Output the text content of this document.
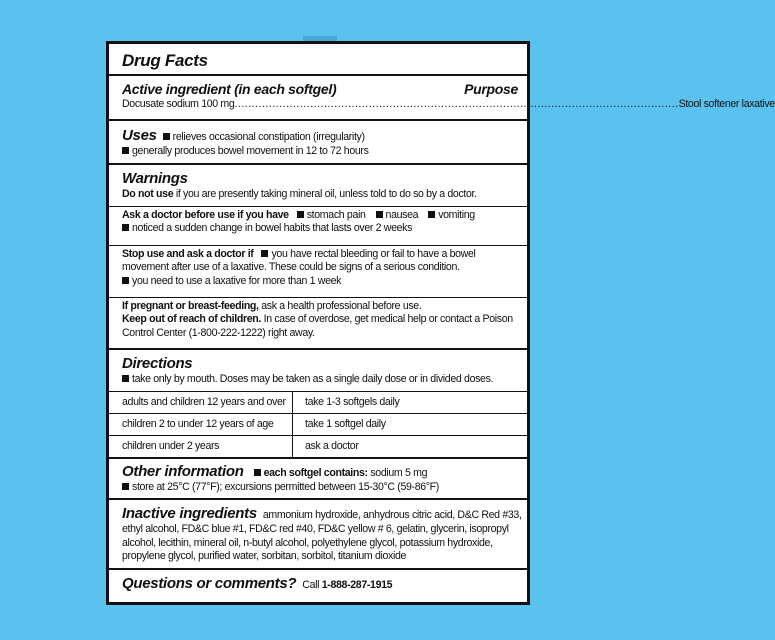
Drug Facts
Active ingredient (in each softgel)	Purpose
Docusate sodium 100 mg ................................................................................................................................. Stool softener laxative
Uses relieves occasional constipation (irregularity)
generally produces bowel movement in 12 to 72 hours
Warnings
Do not use if you are presently taking mineral oil, unless told to do so by a doctor.
Ask a doctor before use if you have stomach pain nausea vomiting
noticed a sudden change in bowel habits that lasts over 2 weeks
Stop use and ask a doctor if you have rectal bleeding or fail to have a bowel
movement after use of a laxative. These could be signs of a serious condition.
you need to use a laxative for more than 1 week
If pregnant or breast-feeding, ask a health professional before use.
Keep out of reach of children. In case of overdose, get medical help or contact a Poison
Control Center (1-800-222-1222) right away.
Directions
take only by mouth. Doses may be taken as a single daily dose or in divided doses.
adults and children 12 years and over	take 1-3 softgels daily
children 2 to under 12 years of age	take 1 softgel daily
children under 2 years	ask a doctor
Other information each softgel contains: sodium 5 mg
store at 25°C (77°F); excursions permitted between 15-30°C (59-86°F)
Inactive ingredients ammonium hydroxide, anhydrous citric acid, D&C Red #33,
ethyl alcohol, FD&C blue #1, FD&C red #40, FD&C yellow # 6, gelatin, glycerin, isopropyl
alcohol, lecithin, mineral oil, n-butyl alcohol, polyethylene glycol, potassium hydroxide,
propylene glycol, purified water, sorbitan, sorbitol, titanium dioxide
Questions or comments? Call 1-888-287-1915
